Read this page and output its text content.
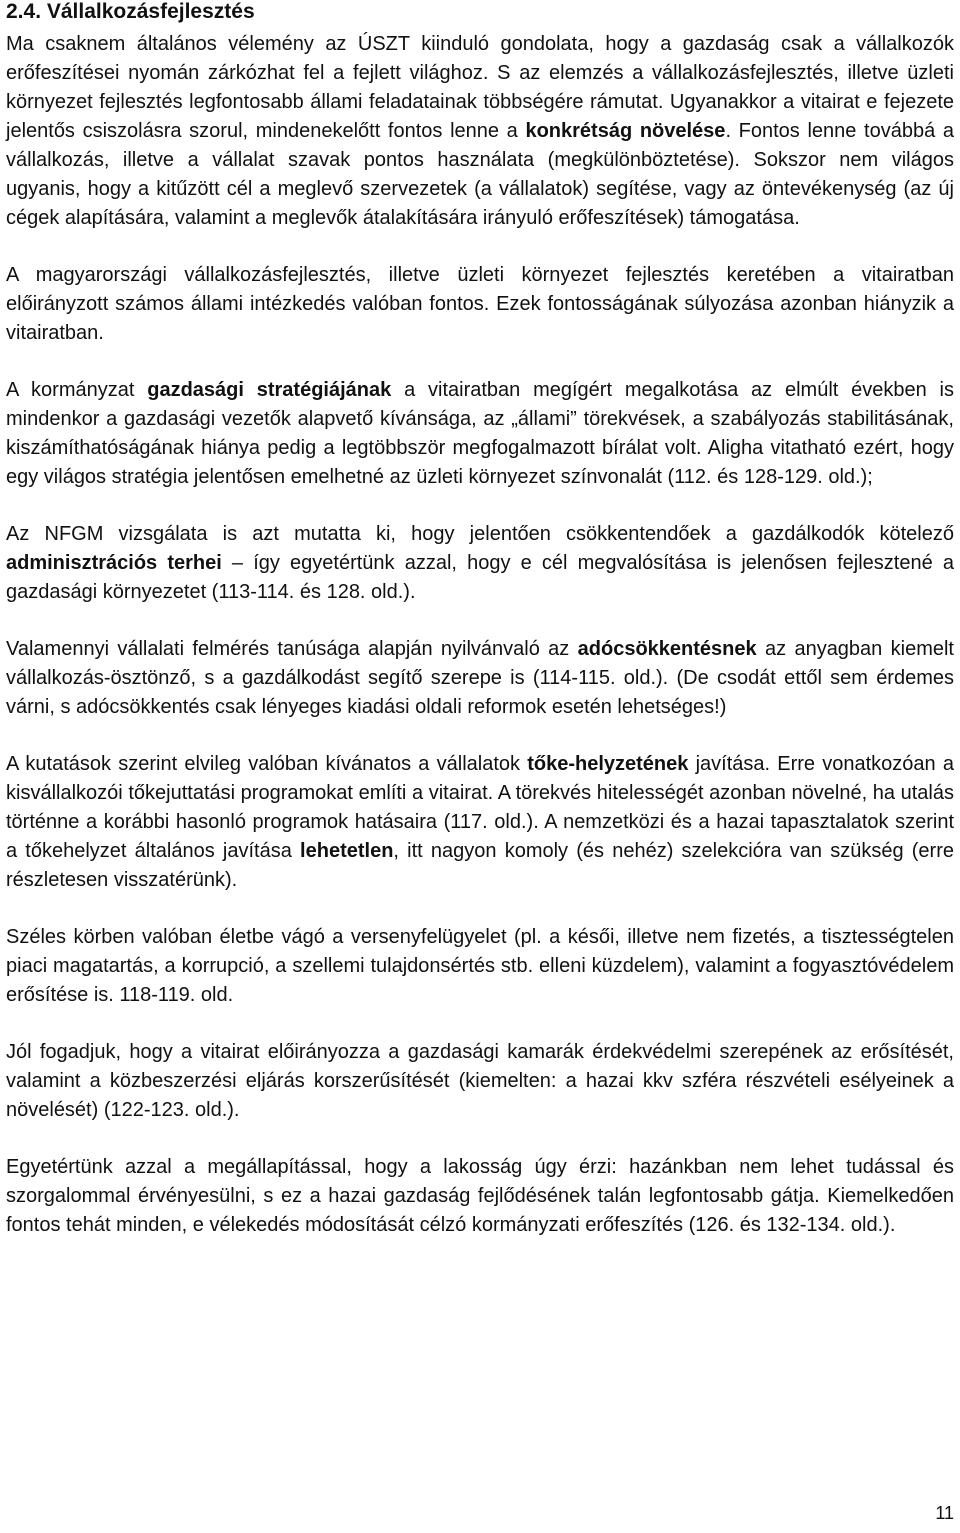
2.4. Vállalkozásfejlesztés

Ma csaknem általános vélemény az ÚSZT kiinduló gondolata, hogy a gazdaság csak a vállalkozók erőfeszítései nyomán zárkózhat fel a fejlett világhoz. S az elemzés a vállalkozásfejlesztés, illetve üzleti környezet fejlesztés legfontosabb állami feladatainak többségére rámutat. Ugyanakkor a vitairat e fejezete jelentős csiszolásra szorul, mindenekelőtt fontos lenne a konkrétság növelése. Fontos lenne továbbá a vállalkozás, illetve a vállalat szavak pontos használata (megkülönböztetése). Sokszor nem világos ugyanis, hogy a kitűzött cél a meglevő szervezetek (a vállalatok) segítése, vagy az öntevékenység (az új cégek alapítására, valamint a meglevők átalakítására irányuló erőfeszítések) támogatása.

A magyarországi vállalkozásfejlesztés, illetve üzleti környezet fejlesztés keretében a vitairatban előirányzott számos állami intézkedés valóban fontos. Ezek fontosságának súlyozása azonban hiányzik a vitairatban.

A kormányzat gazdasági stratégiájának a vitairatban megígért megalkotása az elmúlt években is mindenkor a gazdasági vezetők alapvető kívánsága, az „állami” törekvések, a szabályozás stabilitásának, kiszámíthatóságának hiánya pedig a legtöbbször megfogalmazott bírálat volt. Aligha vitatható ezért, hogy egy világos stratégia jelentősen emelhetné az üzleti környezet színvonalát (112. és 128-129. old.);

Az NFGM vizsgálata is azt mutatta ki, hogy jelentően csökkentendőek a gazdálkodók kötelező adminisztrációs terhei – így egyetértünk azzal, hogy e cél megvalósítása is jelenősen fejlesztené a gazdasági környezetet (113-114. és 128. old.).

Valamennyi vállalati felmérés tanúsága alapján nyilvánvaló az adócsökkentésnek az anyagban kiemelt vállalkozás-ösztönző, s a gazdálkodást segítő szerepe is (114-115. old.). (De csodát ettől sem érdemes várni, s adócsökkentés csak lényeges kiadási oldali reformok esetén lehetséges!)

A kutatások szerint elvileg valóban kívánatos a vállalatok tőke-helyzetének javítása. Erre vonatkozóan a kisvállalkozói tőkejuttatási programokat említi a vitairat. A törekvés hitelességét azonban növelné, ha utalás történne a korábbi hasonló programok hatásaira (117. old.). A nemzetközi és a hazai tapasztalatok szerint a tőkehelyzet általános javítása lehetetlen, itt nagyon komoly (és nehéz) szelekcióra van szükség (erre részletesen visszatérünk).

Széles körben valóban életbe vágó a versenyfelügyelet (pl. a késői, illetve nem fizetés, a tisztességtelen piaci magatartás, a korrupció, a szellemi tulajdonsértés stb. elleni küzdelem), valamint a fogyasztóvédelem erősítése is. 118-119. old.

Jól fogadjuk, hogy a vitairat előirányozza a gazdasági kamarák érdekvédelmi szerepének az erősítését, valamint a közbeszerzési eljárás korszerűsítését (kiemelten: a hazai kkv szféra részvételi esélyeinek a növelését) (122-123. old.).

Egyetértünk azzal a megállapítással, hogy a lakosság úgy érzi: hazánkban nem lehet tudással és szorgalommal érvényesülni, s ez a hazai gazdaság fejlődésének talán legfontosabb gátja. Kiemelkedően fontos tehát minden, e vélekedés módosítását célzó kormányzati erőfeszítés (126. és 132-134. old.).

11
